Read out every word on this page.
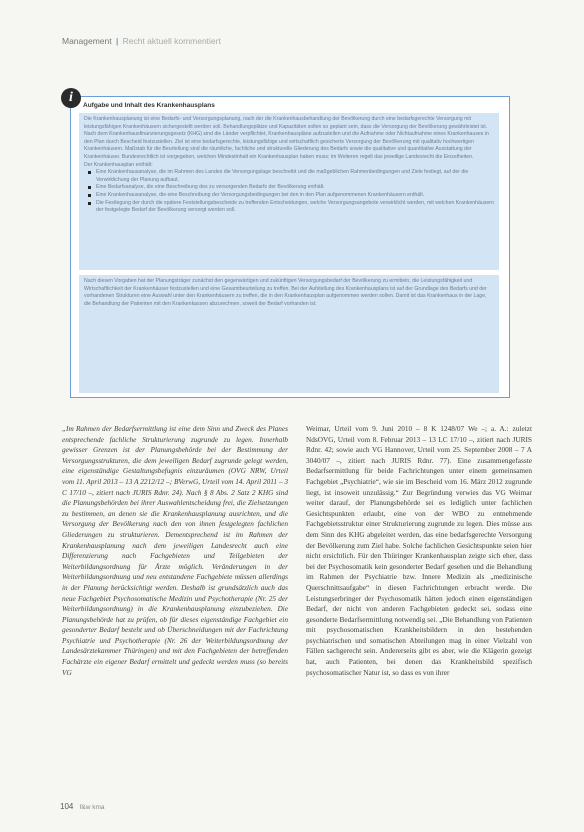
Management | Recht aktuell kommentiert
i
Aufgabe und Inhalt des Krankenhausplans

Die Krankenhausplanung ist eine Bedarfs- und Versorgungsplanung, nach der die Krankenhausbehandlung der Bevölkerung durch eine bedarfsgerechte Versorgung mit leistungsfähigen Krankenhäusern sichergestellt werden soll. Behandlungsplätze und Kapazitäten sollen so geplant sein, dass die Versorgung der Bevölkerung gewährleistet ist. Nach dem Krankenhausfinanzierungsgesetz (KHG) sind die Länder verpflichtet, Krankenhauspläne aufzustellen und die Aufnahme oder Nichtaufnahme eines Krankenhauses in den Plan durch Bescheid festzustellen. Ziel ist eine bedarfsgerechte, leistungsfähige und wirtschaftlich gesicherte Versorgung der Bevölkerung mit qualitativ hochwertigen Krankenhäusern. Maßstab für die Beurteilung sind die räumliche, fachliche und strukturelle Gliederung des Bedarfs sowie die qualitative und quantitative Ausstattung der Krankenhäuser. Bundesrechtlich ist vorgegeben, welchen Mindestinhalt ein Krankenhausplan haben muss; im Weiteren regelt das jeweilige Landesrecht die Einzelheiten.

Der Krankenhausplan enthält:

Eine Krankenhausanalyse, die im Rahmen des Landes die Versorgungslage beschreibt und die maßgeblichen Rahmenbedingungen und Ziele festlegt, auf der die Verwirklichung der Planung aufbaut.
Eine Bedarfsanalyse, die eine Beschreibung des zu versorgenden Bedarfs der Bevölkerung enthält.
Eine Krankenhausanalyse, die eine Beschreibung der Versorgungsbedingungen bei den in den Plan aufgenommenen Krankenhäusern enthält.
Die Festlegung der durch die spätere Feststellungsbescheide zu treffenden Entscheidungen, welche Versorgungsangebote verwirklicht werden, mit welchen Krankenhäusern der festgelegte Bedarf der Bevölkerung versorgt werden soll.

Nach diesen Vorgaben hat der Planungsträger zunächst den gegenwärtigen und zukünftigen Versorgungsbedarf der Bevölkerung zu ermitteln, die Leistungsfähigkeit und Wirtschaftlichkeit der Krankenhäuser festzustellen und eine Gesamtbeurteilung zu treffen. Bei der Aufstellung des Krankenhausplans ist auf der Grundlage des Bedarfs und der vorhandenen Strukturen eine Auswahl unter den Krankenhäusern zu treffen, die in den Krankenhausplan aufgenommen werden sollen. Damit ist das Krankenhaus in der Lage, die Behandlung der Patienten mit den Krankenkassen abzurechnen, soweit der Bedarf vorhanden ist.

„Im Rahmen der Bedarfsermittlung ist eine dem Sinn und Zweck des Planes entsprechende fachliche Strukturierung zugrunde zu legen. Innerhalb gewisser Grenzen ist der Planungsbehörde bei der Bestimmung der Versorgungsstrukturen, die dem jeweiligen Bedarf zugrunde gelegt werden, eine eigenständige Gestaltungsbefugnis einzuräumen (OVG NRW, Urteil vom 11. April 2013 – 13 A 2212/12 –; BVerwG, Urteil vom 14. April 2011 – 3 C 17/10 –, zitiert nach JURIS Rdnr. 24). Nach § 8 Abs. 2 Satz 2 KHG sind die Planungsbehörden bei ihrer Auswahlentscheidung frei, die Zielsetzungen zu bestimmen, an denen sie die Krankenhausplanung ausrichten, und die Versorgung der Bevölkerung nach den von ihnen festgelegten fachlichen Gliederungen zu strukturieren. Dementsprechend ist im Rahmen der Krankenhausplanung nach dem jeweiligen Landesrecht auch eine Differenzierung nach Fachgebieten und Teilgebieten der Weiterbildungsordnung für Ärzte möglich. Veränderungen in der Weiterbildungsordnung und neu entstandene Fachgebiete müssen allerdings in der Planung berücksichtigt werden. Deshalb ist grundsätzlich auch das neue Fachgebiet Psychosomatische Medizin und Psychotherapie (Nr. 25 der Weiterbildungsordnung) in die Krankenhausplanung einzubeziehen. Die Planungsbehörde hat zu prüfen, ob für dieses eigenständige Fachgebiet ein gesonderter Bedarf besteht und ob Überschneidungen mit der Fachrichtung Psychiatrie und Psychotherapie (Nr. 26 der Weiterbildungsordnung der Landesärztekammer Thüringen) und mit den Fachgebieten der betreffenden Fachärzte ein eigener Bedarf ermittelt und gedeckt werden muss (so bereits VG

Weimar, Urteil vom 9. Juni 2010 – 8 K 1248/07 We –; a. A.: zuletzt NdsOVG, Urteil vom 8. Februar 2013 – 13 LC 17/10 –, zitiert nach JURIS Rdnr. 42; sowie auch VG Hannover, Urteil vom 25. September 2008 – 7 A 3040/07 –, zitiert nach JURIS Rdnr. 77). Eine zusammengefasste Bedarfsermittlung für beide Fachrichtungen unter einem gemeinsamen Fachgebiet „Psychiatrie“, wie sie im Bescheid vom 16. März 2012 zugrunde liegt, ist insoweit unzulässig.“ Zur Begründung verwies das VG Weimar weiter darauf, der Planungsbehörde sei es lediglich unter fachlichen Gesichtspunkten erlaubt, eine von der WBO zu entnehmende Fachgebietsstruktur einer Strukturierung zugrunde zu legen. Dies müsse aus dem Sinn des KHG abgeleitet werden, das eine bedarfsgerechte Versorgung der Bevölkerung zum Ziel habe. Solche fachlichen Gesichtspunkte seien hier nicht ersichtlich. Für den Thüringer Krankenhausplan zeigte sich eher, dass bei der Psychosomatik kein gesonderter Bedarf gesehen und die Behandlung im Rahmen der Psychiatrie bzw. Innere Medizin als „medizinische Querschnittsaufgabe“ in diesen Fachrichtungen erbracht werde. Die Leistungserbringer der Psychosomatik hätten jedoch einen eigenständigen Bedarf, der nicht von anderen Fachgebieten gedeckt sei, sodass eine gesonderte Bedarfsermittlung notwendig sei. „Die Behandlung von Patienten mit psychosomatischen Krankheitsbildern in den bestehenden psychiatrischen und somatischen Abteilungen mag in einer Vielzahl von Fällen sachgerecht sein. Andererseits gibt es aber, wie die Klägerin gezeigt hat, auch Patienten, bei denen das Krankheitsbild spezifisch psychosomatischer Natur ist, so dass es von ihrer

104 f&w kma
